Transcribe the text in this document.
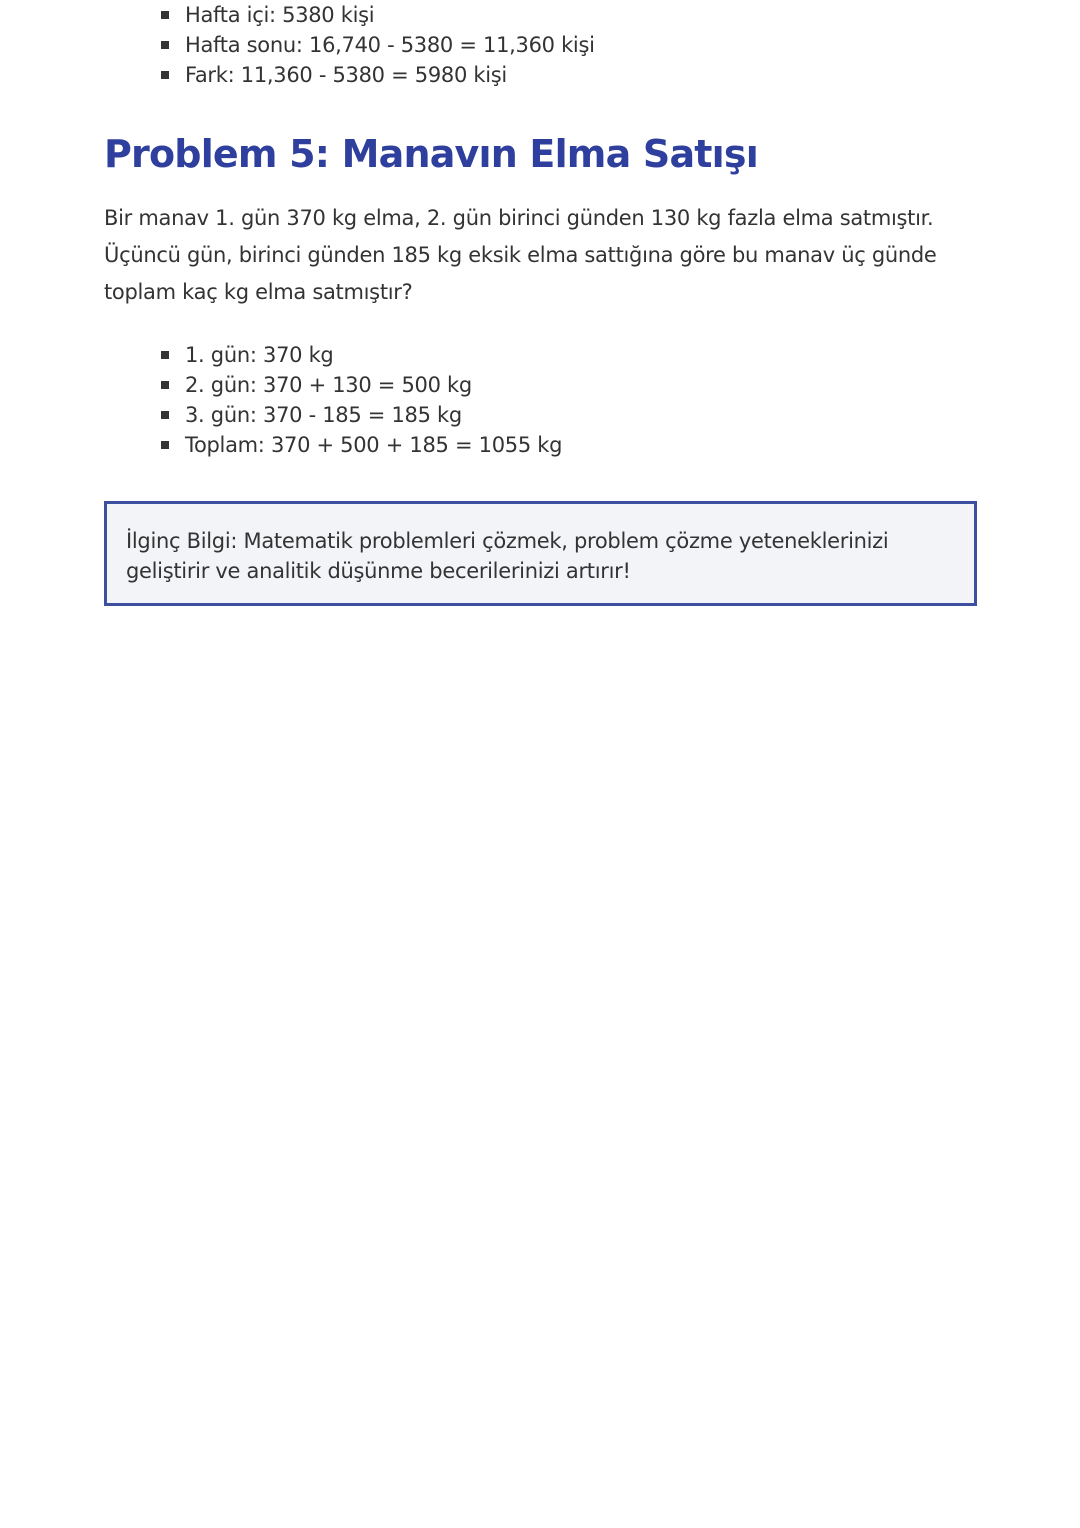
Hafta içi: 5380 kişi
Hafta sonu: 16,740 - 5380 = 11,360 kişi
Fark: 11,360 - 5380 = 5980 kişi
Problem 5: Manavın Elma Satışı

Bir manav 1. gün 370 kg elma, 2. gün birinci günden 130 kg fazla elma satmıştır. Üçüncü gün, birinci günden 185 kg eksik elma sattığına göre bu manav üç günde toplam kaç kg elma satmıştır?

1. gün: 370 kg
2. gün: 370 + 130 = 500 kg
3. gün: 370 - 185 = 185 kg
Toplam: 370 + 500 + 185 = 1055 kg
İlginç Bilgi: Matematik problemleri çözmek, problem çözme yeteneklerinizi geliştirir ve analitik düşünme becerilerinizi artırır!
